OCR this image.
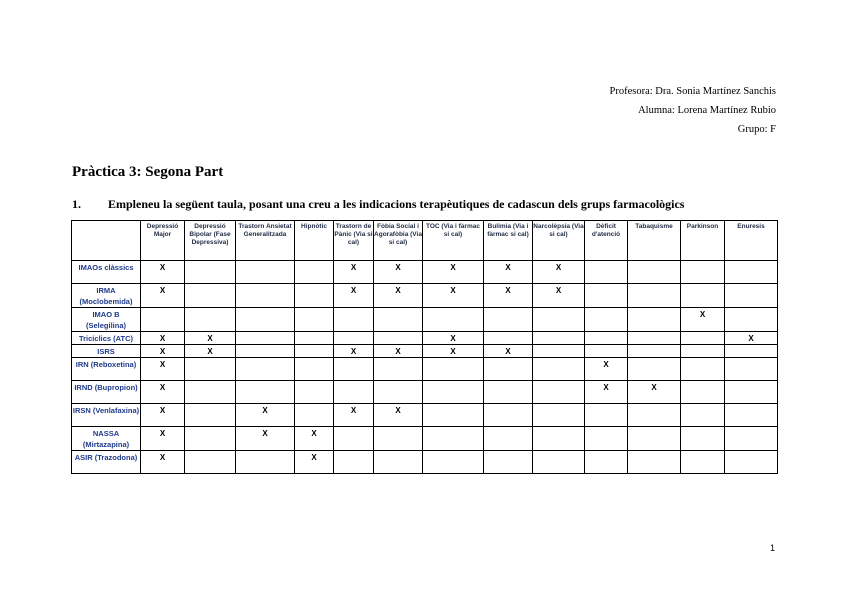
Profesora: Dra. Sonia Martínez Sanchis
Alumna: Lorena Martínez Rubio
Grupo: F
Pràctica 3: Segona Part
1. Empleneu la següent taula, posant una creu a les indicacions terapèutiques de cadascun dels grups farmacològics
	Depressió Major	Depressió Bipolar (Fase Depressiva)	Trastorn Ansietat Generalitzada	Hipnòtic	Trastorn de Pànic (Via si cal)	Fòbia Social i Agorafòbia (Via si cal)	TOC (Via i fàrmac si cal)	Bulimia (Via i fàrmac si cal)	Narcolèpsia (Via si cal)	Dèficit d'atenció	Tabaquisme	Parkinson	Enuresis
IMAOs clàssics	X				X	X	X	X	X				
IRMA (Moclobemida)	X				X	X	X	X	X				
IMAO B (Selegilina)												X	
Tricíclics (ATC)	X	X					X						X
ISRS	X	X			X	X	X	X					
IRN (Reboxetina)	X									X			
IRND (Bupropion)	X									X	X		
IRSN (Venlafaxina)	X		X		X	X							
NASSA (Mirtazapina)	X		X	X									
ASIR (Trazodona)	X			X									
1
